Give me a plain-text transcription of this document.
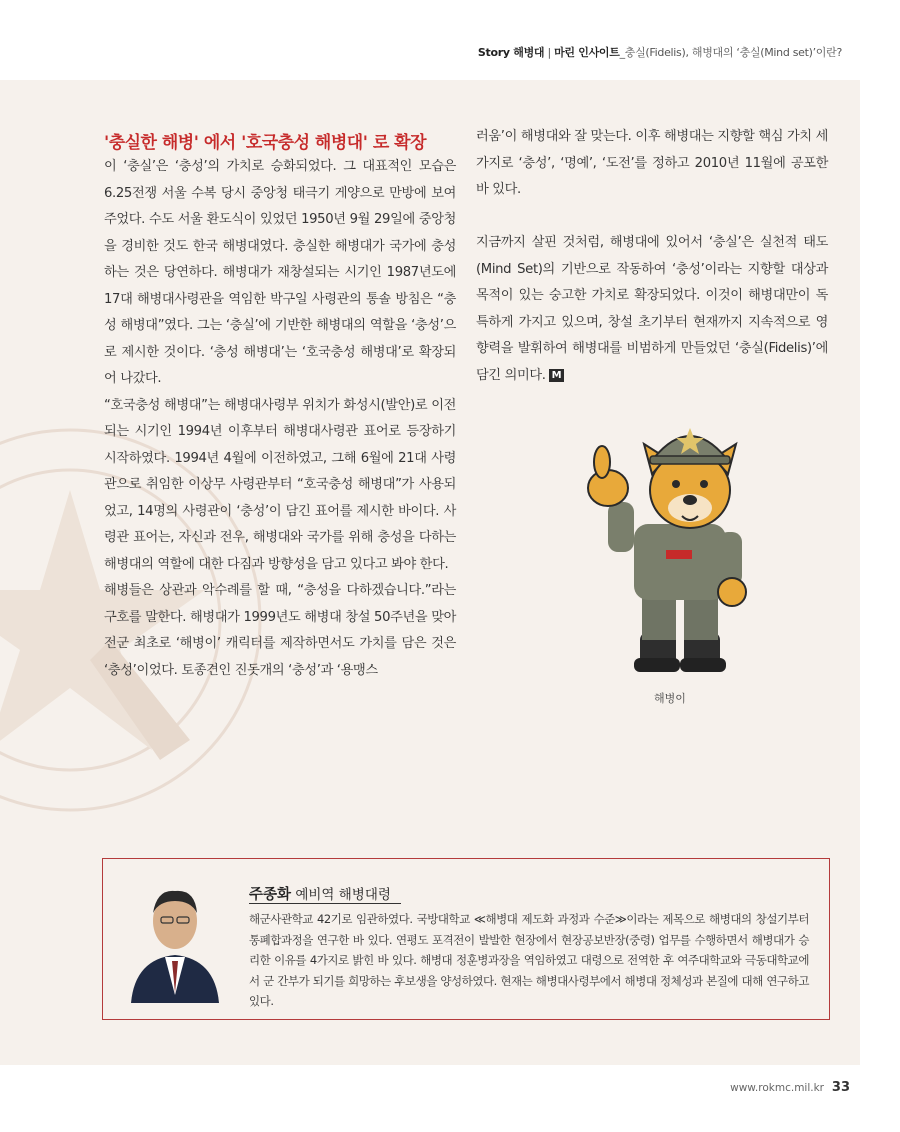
Story 해병대 | 마린 인사이트_충실(Fidelis), 해병대의 ‘충실(Mind set)’이란?
'충실한 해병' 에서 '호국충성 해병대' 로 확장

이 ‘충실’은 ‘충성’의 가치로 승화되었다. 그 대표적인 모습은 6.25전쟁 서울 수복 당시 중앙청 태극기 게양으로 만방에 보여주었다. 수도 서울 환도식이 있었던 1950년 9월 29일에 중앙청을 경비한 것도 한국 해병대였다. 충실한 해병대가 국가에 충성하는 것은 당연하다. 해병대가 재창설되는 시기인 1987년도에 17대 해병대사령관을 역임한 박구일 사령관의 통솔 방침은 “충성 해병대”였다. 그는 ‘충실’에 기반한 해병대의 역할을 ‘충성’으로 제시한 것이다. ‘충성 해병대’는 ‘호국충성 해병대’로 확장되어 나갔다.

“호국충성 해병대”는 해병대사령부 위치가 화성시(발안)로 이전되는 시기인 1994년 이후부터 해병대사령관 표어로 등장하기 시작하였다. 1994년 4월에 이전하였고, 그해 6월에 21대 사령관으로 취임한 이상무 사령관부터 “호국충성 해병대”가 사용되었고, 14명의 사령관이 ‘충성’이 담긴 표어를 제시한 바이다. 사령관 표어는, 자신과 전우, 해병대와 국가를 위해 충성을 다하는 해병대의 역할에 대한 다짐과 방향성을 담고 있다고 봐야 한다.

해병들은 상관과 악수례를 할 때, “충성을 다하겠습니다.”라는 구호를 말한다. 해병대가 1999년도 해병대 창설 50주년을 맞아 전군 최초로 ‘해병이’ 캐릭터를 제작하면서도 가치를 담은 것은 ‘충성’이었다. 토종견인 진돗개의 ‘충성’과 ‘용맹스

러움’이 해병대와 잘 맞는다. 이후 해병대는 지향할 핵심 가치 세 가지로 ‘충성’, ‘명예’, ‘도전’를 정하고 2010년 11월에 공포한 바 있다.

지금까지 살핀 것처럼, 해병대에 있어서 ‘충실’은 실천적 태도(Mind Set)의 기반으로 작동하여 ‘충성’이라는 지향할 대상과 목적이 있는 숭고한 가치로 확장되었다. 이것이 해병대만이 독특하게 가지고 있으며, 창설 초기부터 현재까지 지속적으로 영향력을 발휘하여 해병대를 비범하게 만들었던 ‘충실(Fidelis)’에 담긴 의미다. M

해병이
주종화 예비역 해병대령
해군사관학교 42기로 임관하였다. 국방대학교 ≪해병대 제도화 과정과 수준≫이라는 제목으로 해병대의 창설기부터 통폐합과정을 연구한 바 있다. 연평도 포격전이 발발한 현장에서 현장공보반장(중령) 업무를 수행하면서 해병대가 승리한 이유를 4가지로 밝힌 바 있다. 해병대 정훈병과장을 역임하였고 대령으로 전역한 후 여주대학교와 극동대학교에서 군 간부가 되기를 희망하는 후보생을 양성하였다. 현재는 해병대사령부에서 해병대 정체성과 본질에 대해 연구하고 있다.
www.rokmc.mil.kr 33
